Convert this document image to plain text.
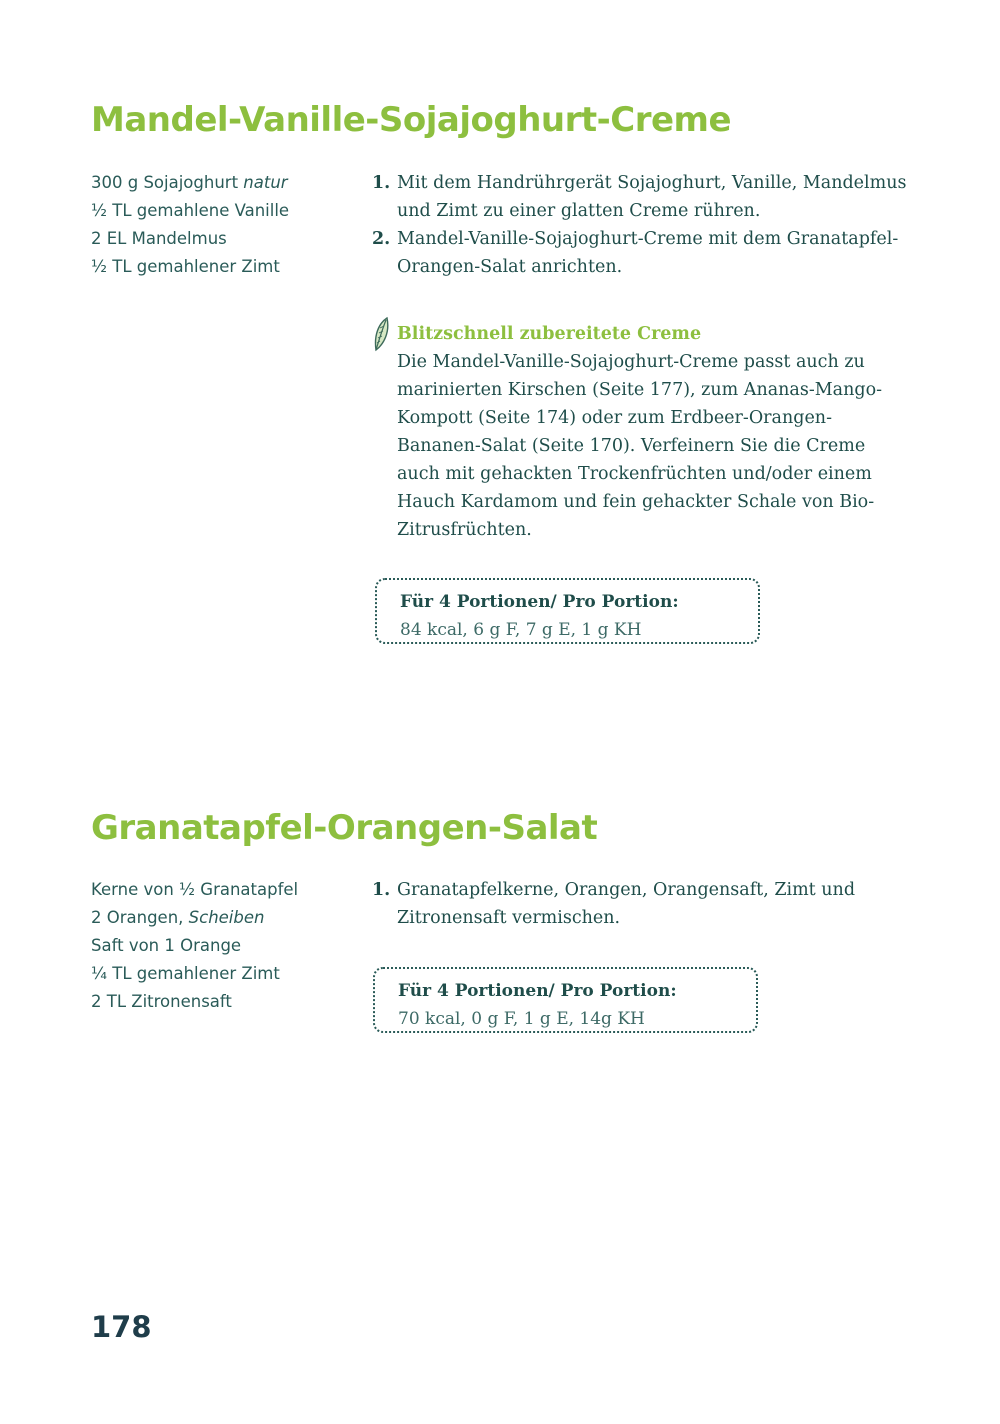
Mandel-Vanille-Sojajoghurt-Creme
300 g Sojajoghurt natur
½ TL gemahlene Vanille
2 EL Mandelmus
½ TL gemahlener Zimt
1. Mit dem Handrührgerät Sojajoghurt, Vanille, Mandelmus und Zimt zu einer glatten Creme rühren.
2. Mandel-Vanille-Sojajoghurt-Creme mit dem Granatapfel-Orangen-Salat anrichten.

Blitzschnell zubereitete Creme

Die Mandel-Vanille-Sojajoghurt-Creme passt auch zu marinierten Kirschen (Seite 177), zum Ananas-Mango-Kompott (Seite 174) oder zum Erdbeer-Orangen-Bananen-Salat (Seite 170). Verfeinern Sie die Creme auch mit gehackten Trockenfrüchten und/oder einem Hauch Kardamom und fein gehackter Schale von Bio-Zitrusfrüchten.

Für 4 Portionen/ Pro Portion:
84 kcal, 6 g F, 7 g E, 1 g KH
Granatapfel-Orangen-Salat
Kerne von ½ Granatapfel
2 Orangen, Scheiben
Saft von 1 Orange
¼ TL gemahlener Zimt
2 TL Zitronensaft
1. Granatapfelkerne, Orangen, Orangensaft, Zimt und Zitronensaft vermischen.
Für 4 Portionen/ Pro Portion:
70 kcal, 0 g F, 1 g E, 14g KH
178
